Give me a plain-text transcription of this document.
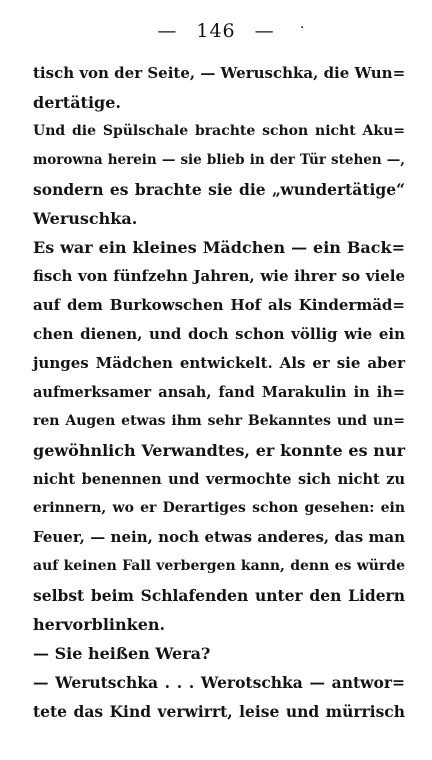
— 146 — ·
tisch von der Seite, — Weruschka, die Wun=
dertätige.
Und die Spülschale brachte schon nicht Aku=
morowna herein — sie blieb in der Tür stehen —,
sondern es brachte sie die „wundertätige“
Weruschka.
Es war ein kleines Mädchen — ein Back=
fisch von fünfzehn Jahren, wie ihrer so viele
auf dem Burkowschen Hof als Kindermäd=
chen dienen, und doch schon völlig wie ein
junges Mädchen entwickelt. Als er sie aber
aufmerksamer ansah, fand Marakulin in ih=
ren Augen etwas ihm sehr Bekanntes und un=
gewöhnlich Verwandtes, er konnte es nur
nicht benennen und vermochte sich nicht zu
erinnern, wo er Derartiges schon gesehen: ein
Feuer, — nein, noch etwas anderes, das man
auf keinen Fall verbergen kann, denn es würde
selbst beim Schlafenden unter den Lidern
hervorblinken.
— Sie heißen Wera?
— Werutschka . . . Werotschka — antwor=
tete das Kind verwirrt, leise und mürrisch
